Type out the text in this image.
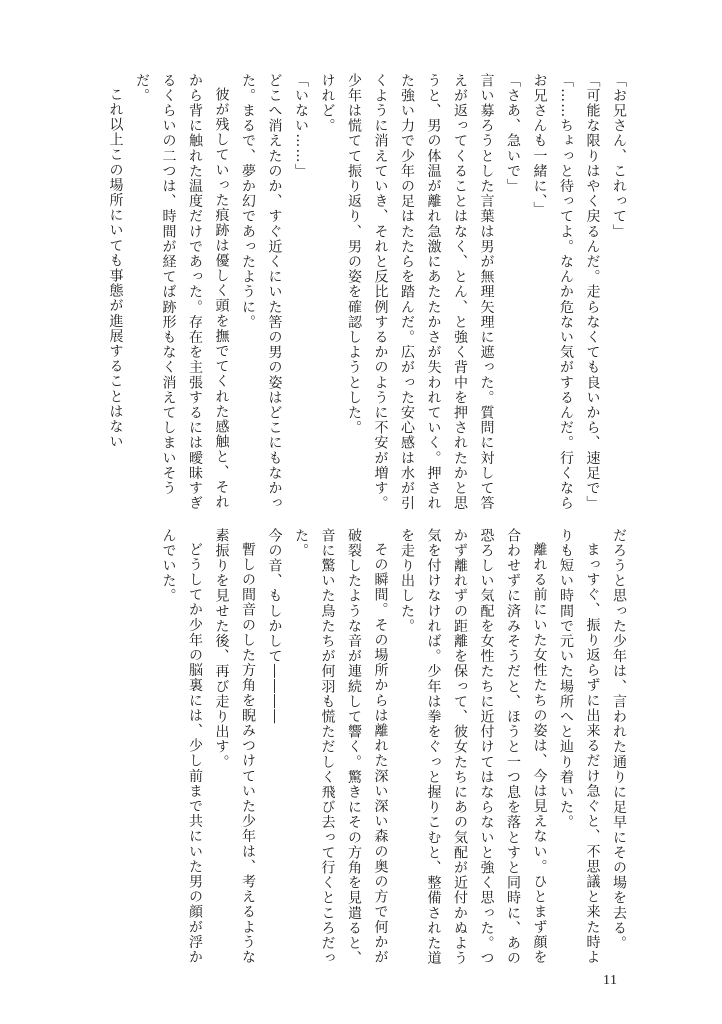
「お兄さん、これって」

「可能な限りはやく戻るんだ。走らなくても良いから、速足で」

「……ちょっと待ってよ。なんか危ない気がするんだ。行くならお兄さんも一緒に、」

「さあ、急いで」

言い募ろうとした言葉は男が無理矢理に遮った。質問に対して答えが返ってくることはなく、とん、と強く背中を押されたかと思うと、男の体温が離れ急激にあたたかさが失われていく。押された強い力で少年の足はたたらを踏んだ。広がった安心感は水が引くように消えていき、それと反比例するかのように不安が増す。少年は慌てて振り返り、男の姿を確認しようとした。

けれど。

「いない……」

どこへ消えたのか、すぐ近くにいた筈の男の姿はどこにもなかった。まるで、夢か幻であったように。

彼が残していった痕跡は優しく頭を撫でてくれた感触と、それから背に触れた温度だけであった。存在を主張するには曖昧すぎるくらいの二つは、時間が経てば跡形もなく消えてしまいそうだ。

これ以上この場所にいても事態が進展することはない

だろうと思った少年は、言われた通りに足早にその場を去る。

まっすぐ、振り返らずに出来るだけ急ぐと、不思議と来た時よりも短い時間で元いた場所へと辿り着いた。

離れる前にいた女性たちの姿は、今は見えない。ひとまず顔を合わせずに済みそうだと、ほうと一つ息を落とすと同時に、あの恐ろしい気配を女性たちに近付けてはならないと強く思った。つかず離れずの距離を保って、彼女たちにあの気配が近付かぬよう気を付けなければ。少年は拳をぐっと握りこむと、整備された道を走り出した。

その瞬間。その場所からは離れた深い深い森の奥の方で何かが破裂したような音が連続して響く。驚きにその方角を見遣ると、音に驚いた鳥たちが何羽も慌ただしく飛び去って行くところだった。

今の音、もしかして――――

暫しの間音のした方角を睨みつけていた少年は、考えるような素振りを見せた後、再び走り出す。

どうしてか少年の脳裏には、少し前まで共にいた男の顔が浮かんでいた。

11
